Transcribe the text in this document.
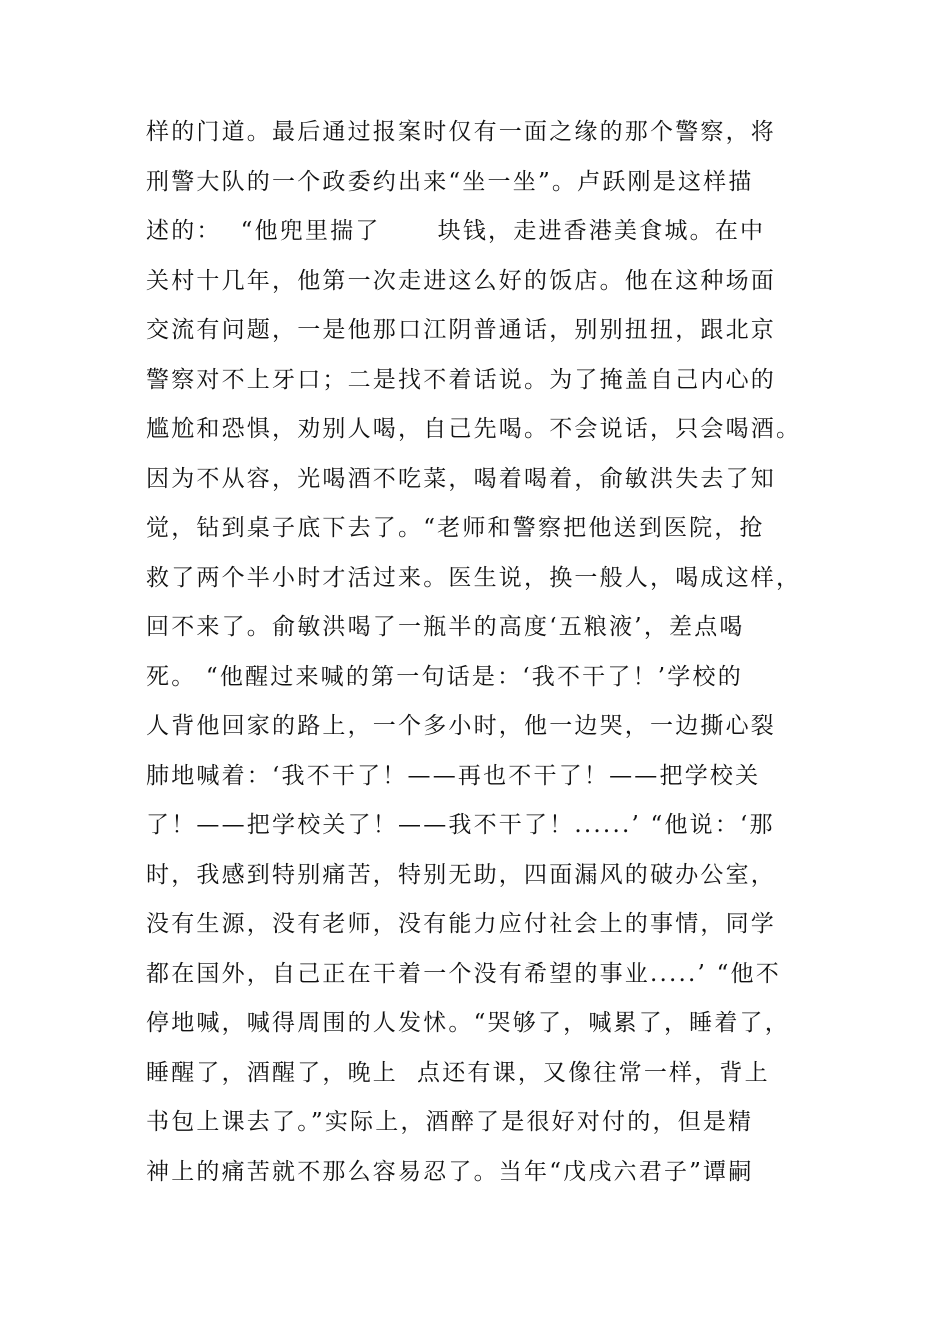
样的门道。最后通过报案时仅有一面之缘的那个警察，将
刑警大队的一个政委约出来“坐一坐”。卢跃刚是这样描
述的：  “他兜里揣了      块钱，走进香港美食城。在中
关村十几年，他第一次走进这么好的饭店。他在这种场面
交流有问题，一是他那口江阴普通话，别别扭扭，跟北京
警察对不上牙口；二是找不着话说。为了掩盖自己内心的
尴尬和恐惧，劝别人喝，自己先喝。不会说话，只会喝酒。
因为不从容，光喝酒不吃菜，喝着喝着，俞敏洪失去了知
觉，钻到桌子底下去了。“老师和警察把他送到医院，抢
救了两个半小时才活过来。医生说，换一般人，喝成这样，
回不来了。俞敏洪喝了一瓶半的高度‘五粮液’，差点喝
死。 “他醒过来喊的第一句话是：‘我不干了！’学校的
人背他回家的路上，一个多小时，他一边哭，一边撕心裂
肺地喊着：‘我不干了！——再也不干了！——把学校关
了！——把学校关了！——我不干了！......’ “他说：‘那
时，我感到特别痛苦，特别无助，四面漏风的破办公室，
没有生源，没有老师，没有能力应付社会上的事情，同学
都在国外，自己正在干着一个没有希望的事业.....’ “他不
停地喊，喊得周围的人发怵。“哭够了，喊累了，睡着了，
睡醒了，酒醒了，晚上  点还有课，又像往常一样，背上
书包上课去了。”实际上，酒醉了是很好对付的，但是精
神上的痛苦就不那么容易忍了。当年“戊戌六君子”谭嗣
